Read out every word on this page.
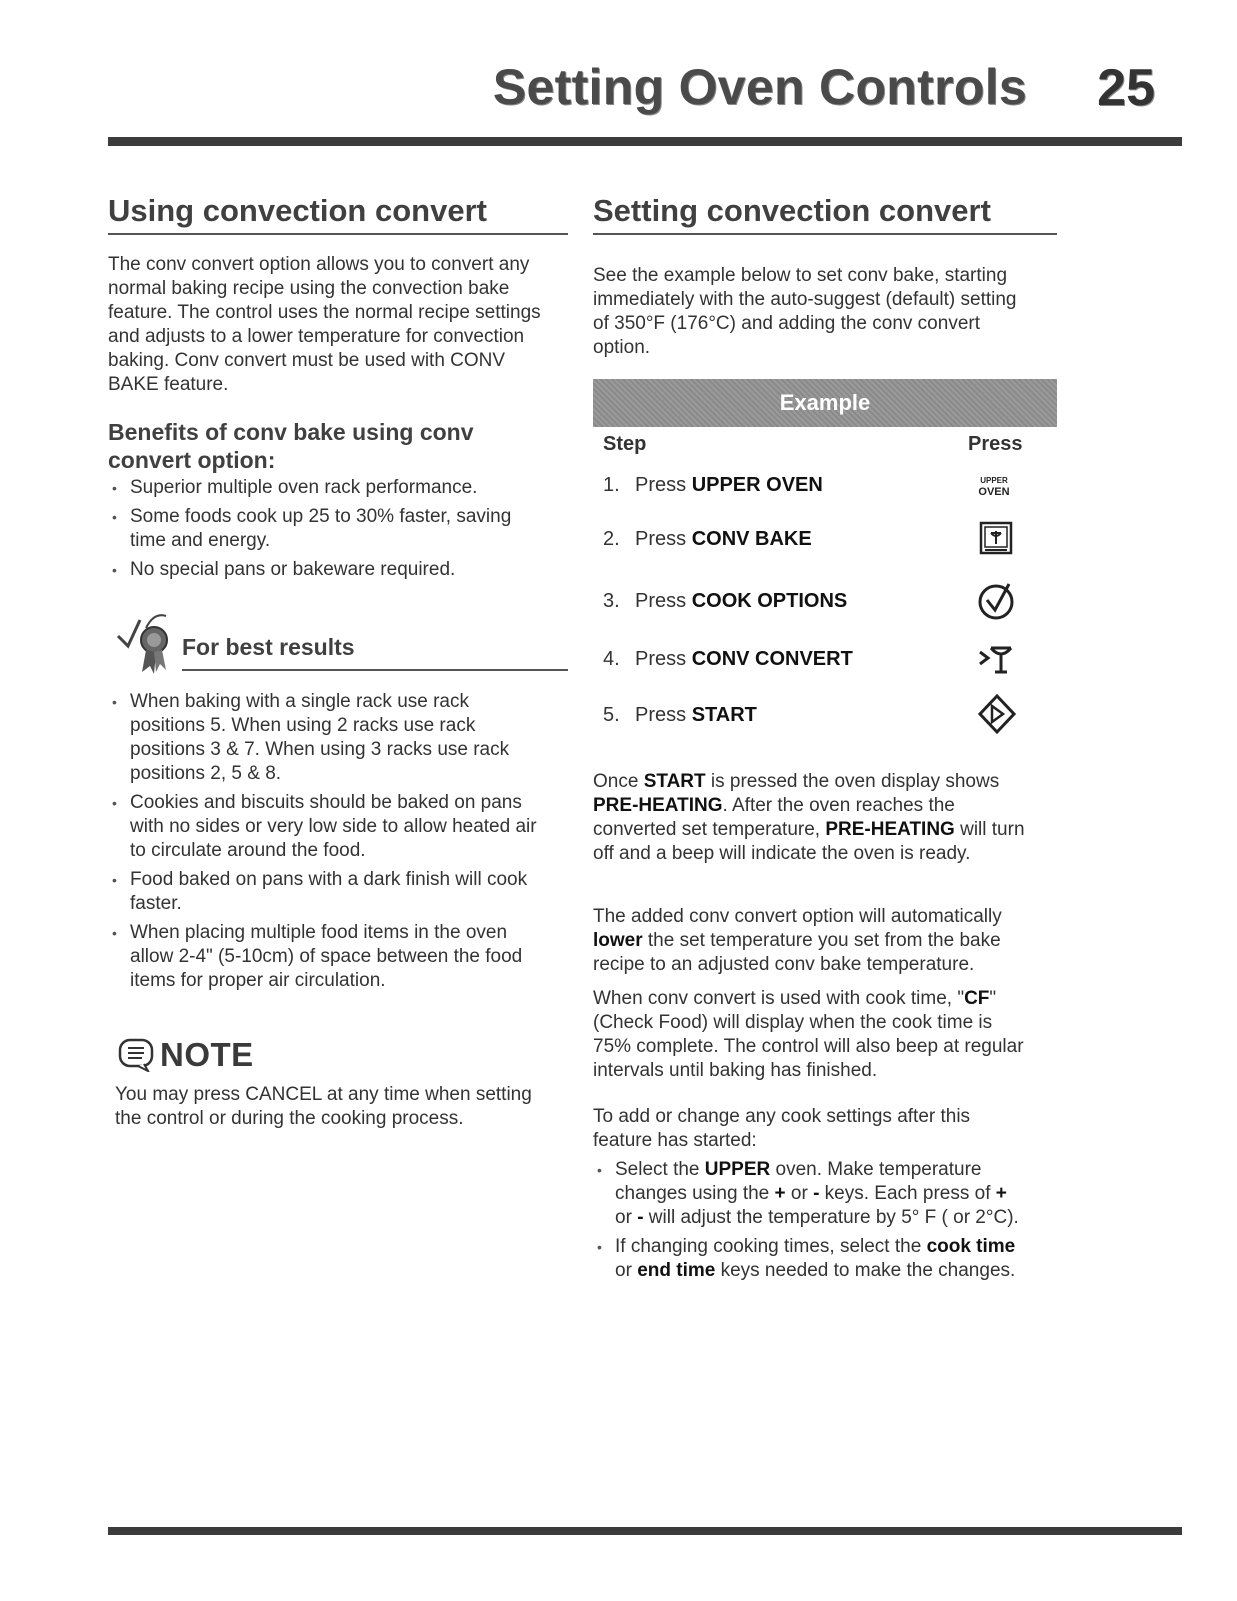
Setting Oven Controls 25
Using convection convert

The conv convert option allows you to convert any
normal baking recipe using the convection bake
feature. The control uses the normal recipe settings
and adjusts to a lower temperature for convection
baking. Conv convert must be used with CONV
BAKE feature.

Benefits of conv bake using conv convert option:
• Superior multiple oven rack performance.
• Some foods cook up 25 to 30% faster, saving
time and energy.
• No special pans or bakeware required.
For best results
• When baking with a single rack use rack
positions 5. When using 2 racks use rack
positions 3 & 7. When using 3 racks use rack
positions 2, 5 & 8.
• Cookies and biscuits should be baked on pans
with no sides or very low side to allow heated air
to circulate around the food.
• Food baked on pans with a dark finish will cook
faster.
• When placing multiple food items in the oven
allow 2-4" (5-10cm) of space between the food
items for proper air circulation.
NOTE

You may press CANCEL at any time when setting
the control or during the cooking process.

Setting convection convert

See the example below to set conv bake, starting
immediately with the auto-suggest (default) setting
of 350°F (176°C) and adding the conv convert
option.

Example
Step	Press
1. Press UPPER OVEN	UPPER
OVEN
2. Press CONV BAKE
3. Press COOK OPTIONS
4. Press CONV CONVERT
5. Press START

Once START is pressed the oven display shows
PRE-HEATING. After the oven reaches the
converted set temperature, PRE-HEATING will turn
off and a beep will indicate the oven is ready.

The added conv convert option will automatically
lower the set temperature you set from the bake
recipe to an adjusted conv bake temperature.

When conv convert is used with cook time, "CF"
(Check Food) will display when the cook time is
75% complete. The control will also beep at regular
intervals until baking has finished.

To add or change any cook settings after this
feature has started:

• Select the UPPER oven. Make temperature
changes using the + or - keys. Each press of +
or - will adjust the temperature by 5° F ( or 2°C).
• If changing cooking times, select the cook time
or end time keys needed to make the changes.
